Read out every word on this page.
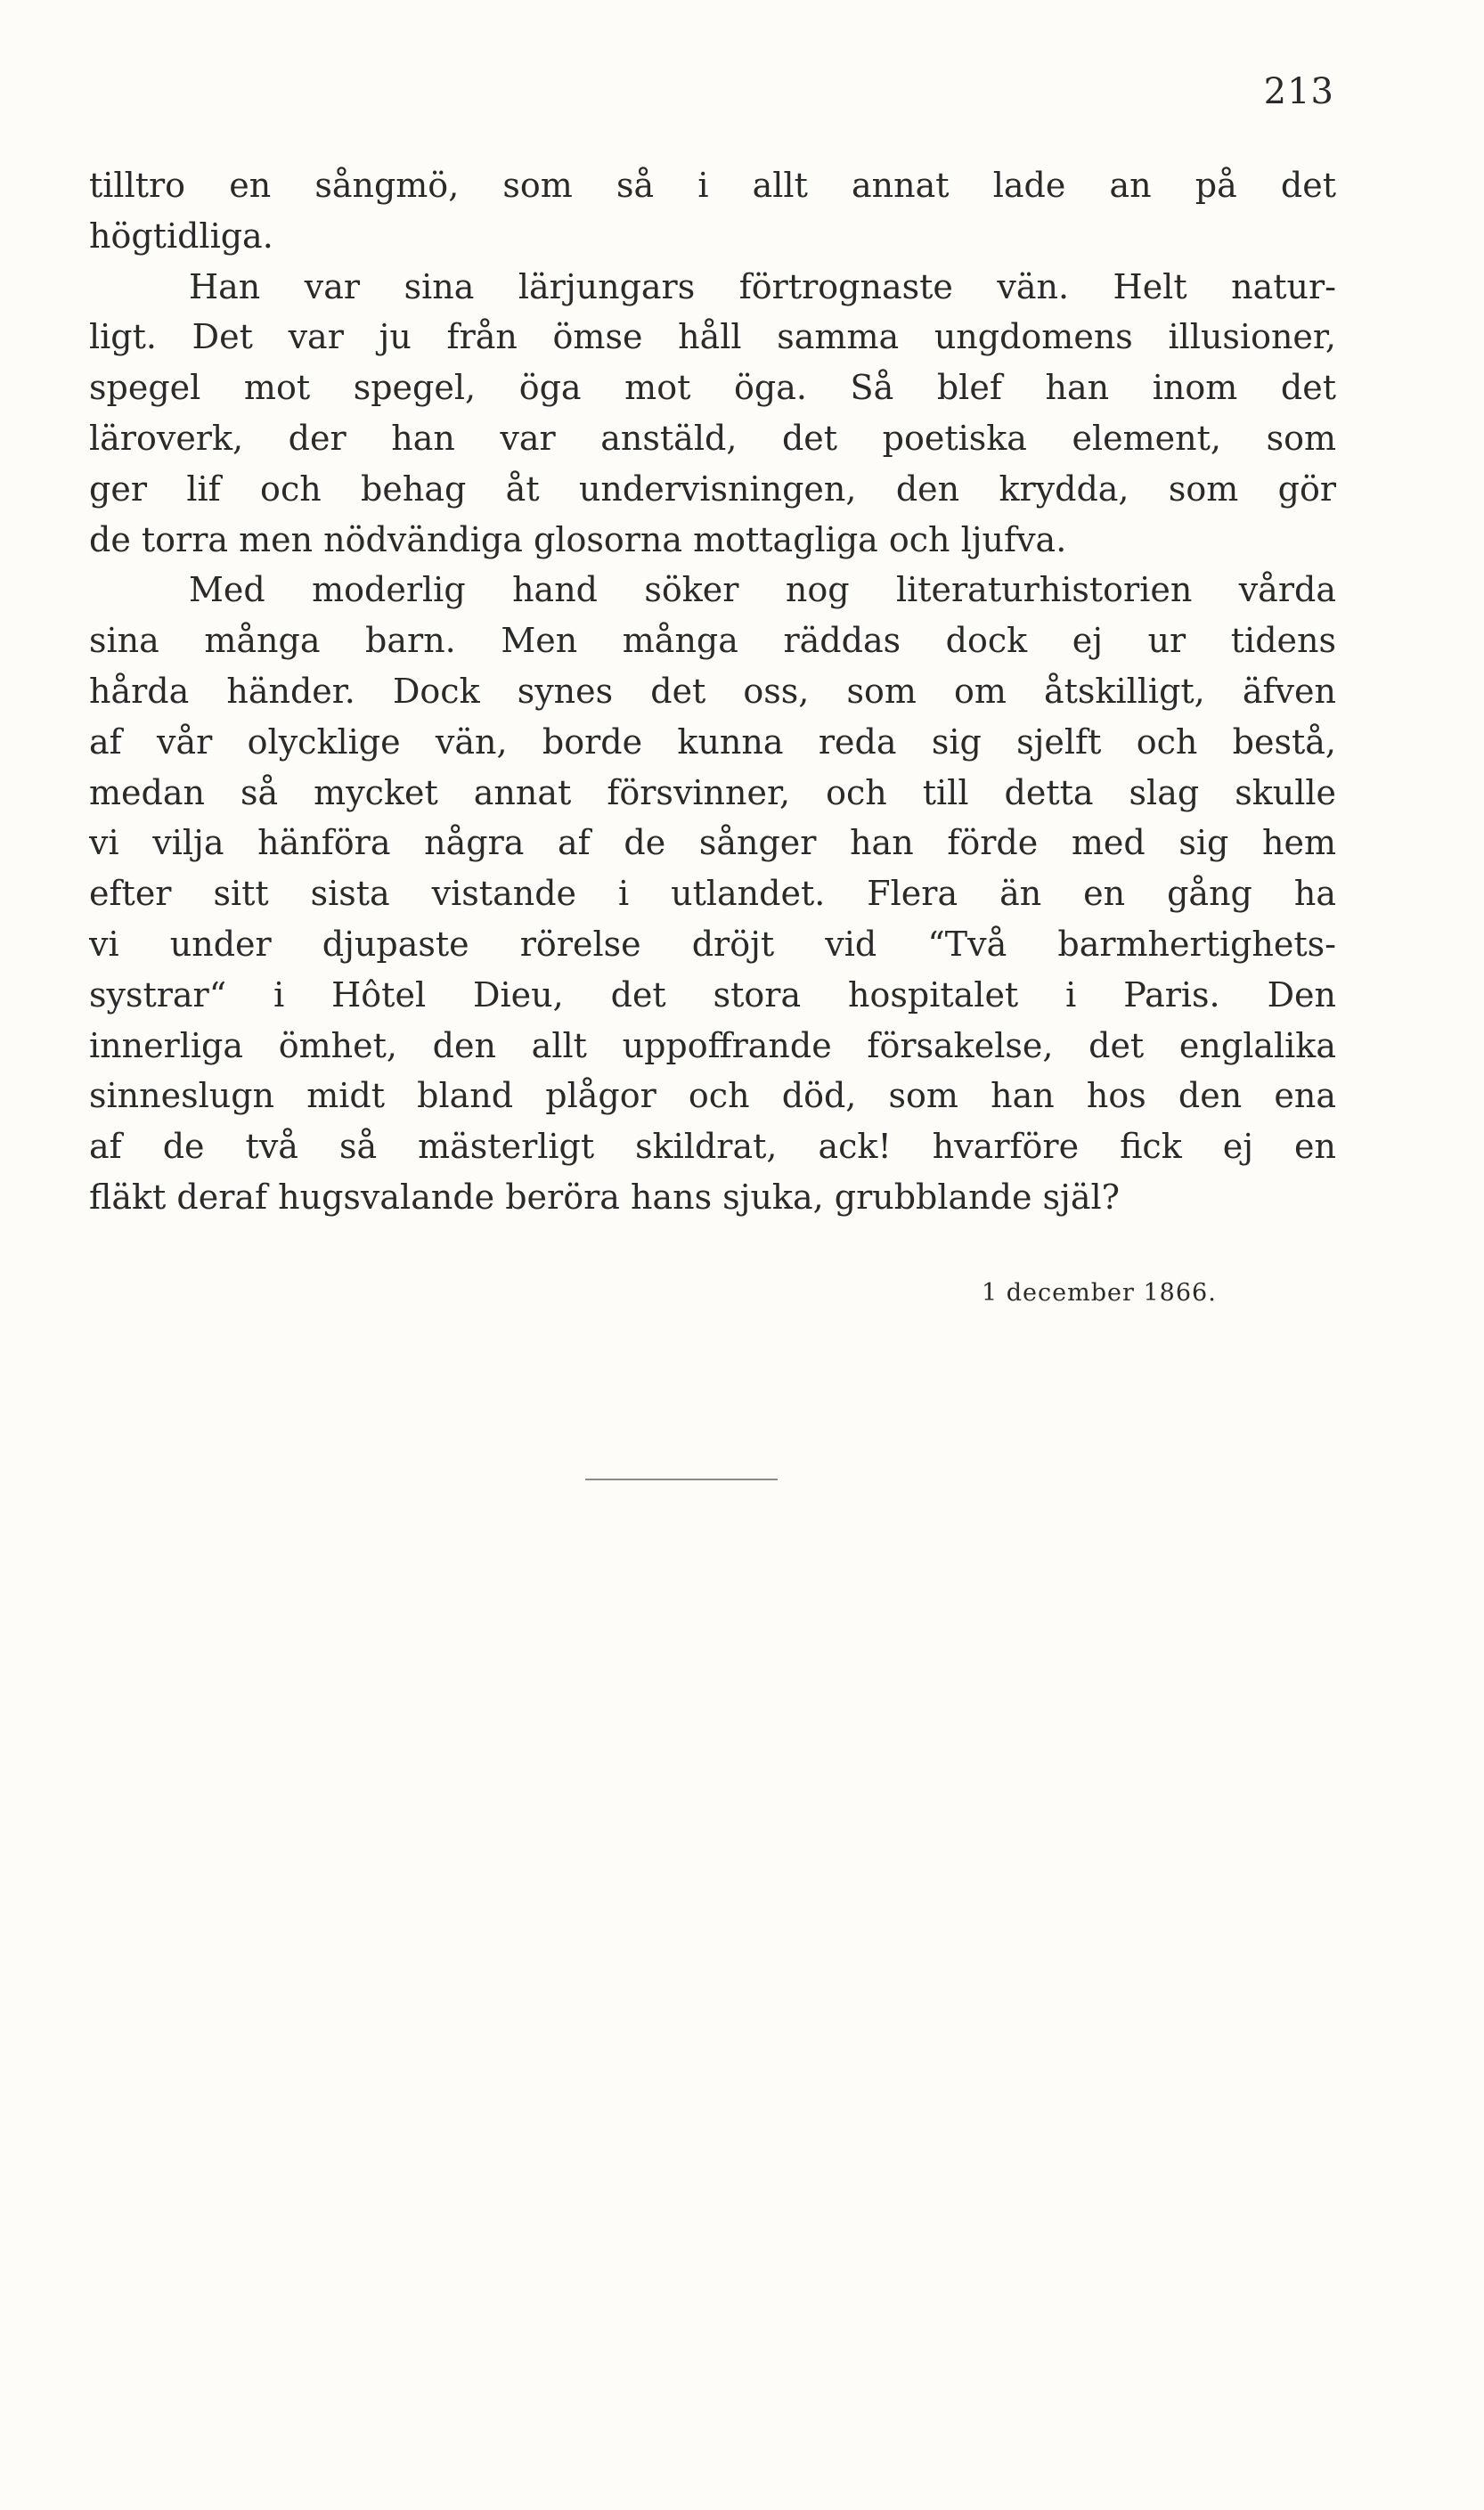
213
tilltro en sångmö, som så i allt annat lade an på det
högtidliga.
Han var sina lärjungars förtrognaste vän. Helt natur-
ligt. Det var ju från ömse håll samma ungdomens illusioner,
spegel mot spegel, öga mot öga. Så blef han inom det
läroverk, der han var anstäld, det poetiska element, som
ger lif och behag åt undervisningen, den krydda, som gör
de torra men nödvändiga glosorna mottagliga och ljufva.
Med moderlig hand söker nog literaturhistorien vårda
sina många barn. Men många räddas dock ej ur tidens
hårda händer. Dock synes det oss, som om åtskilligt, äfven
af vår olycklige vän, borde kunna reda sig sjelft och bestå,
medan så mycket annat försvinner, och till detta slag skulle
vi vilja hänföra några af de sånger han förde med sig hem
efter sitt sista vistande i utlandet. Flera än en gång ha
vi under djupaste rörelse dröjt vid “Två barmhertighets-
systrar“ i Hôtel Dieu, det stora hospitalet i Paris. Den
innerliga ömhet, den allt uppoffrande försakelse, det englalika
sinneslugn midt bland plågor och död, som han hos den ena
af de två så mästerligt skildrat, ack! hvarföre fick ej en
fläkt deraf hugsvalande beröra hans sjuka, grubblande själ?
1 december 1866.
